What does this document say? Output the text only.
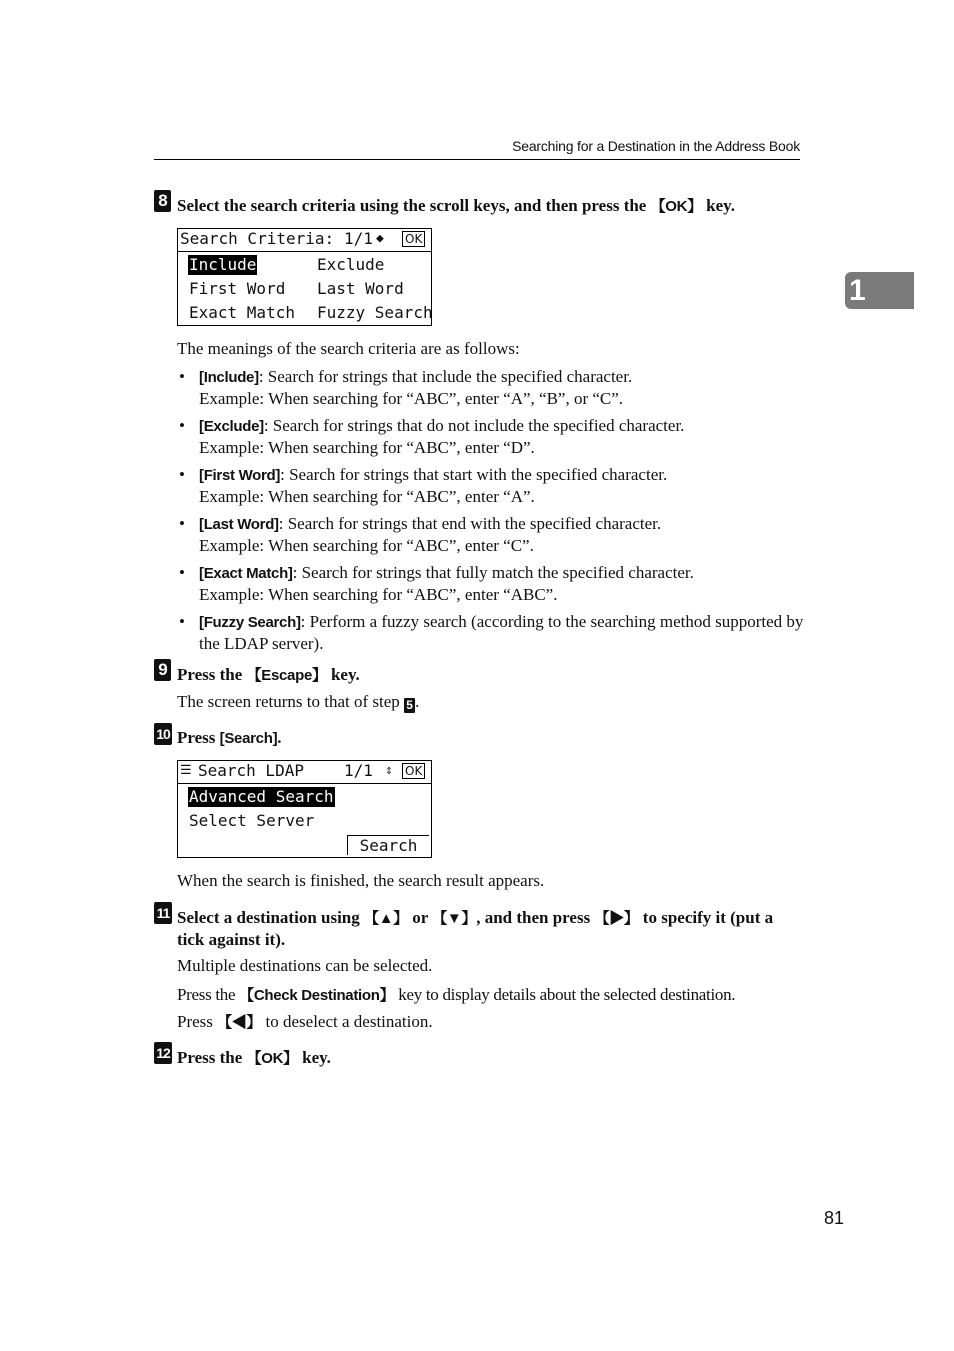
Searching for a Destination in the Address Book
1
8 Select the search criteria using the scroll keys, and then press the 【OK】 key.
Search Criteria: 1/1 ◆ OK
Include	Exclude
First Word Last Word
Exact Match Fuzzy Search
The meanings of the search criteria are as follows:
• [Include]: Search for strings that include the specified character.
Example: When searching for “ABC”, enter “A”, “B”, or “C”.
• [Exclude]: Search for strings that do not include the specified character.
Example: When searching for “ABC”, enter “D”.
• [First Word]: Search for strings that start with the specified character.
Example: When searching for “ABC”, enter “A”.
• [Last Word]: Search for strings that end with the specified character.
Example: When searching for “ABC”, enter “C”.
• [Exact Match]: Search for strings that fully match the specified character.
Example: When searching for “ABC”, enter “ABC”.
• [Fuzzy Search]: Perform a fuzzy search (according to the searching method supported by the LDAP server).
9 Press the 【Escape】 key.
The screen returns to that of step 5 .
10 Press [Search].
☰ Search LDAP	1/1 ⇕ OK
Advanced Search
Select Server
Search
When the search is finished, the search result appears.
11 Select a destination using 【▲】 or 【▼】, and then press 【▶】 to specify it (put a tick against it).
Multiple destinations can be selected.
Press the 【Check Destination】 key to display details about the selected destination.
Press 【◀】 to deselect a destination.
12 Press the 【OK】 key.
81
